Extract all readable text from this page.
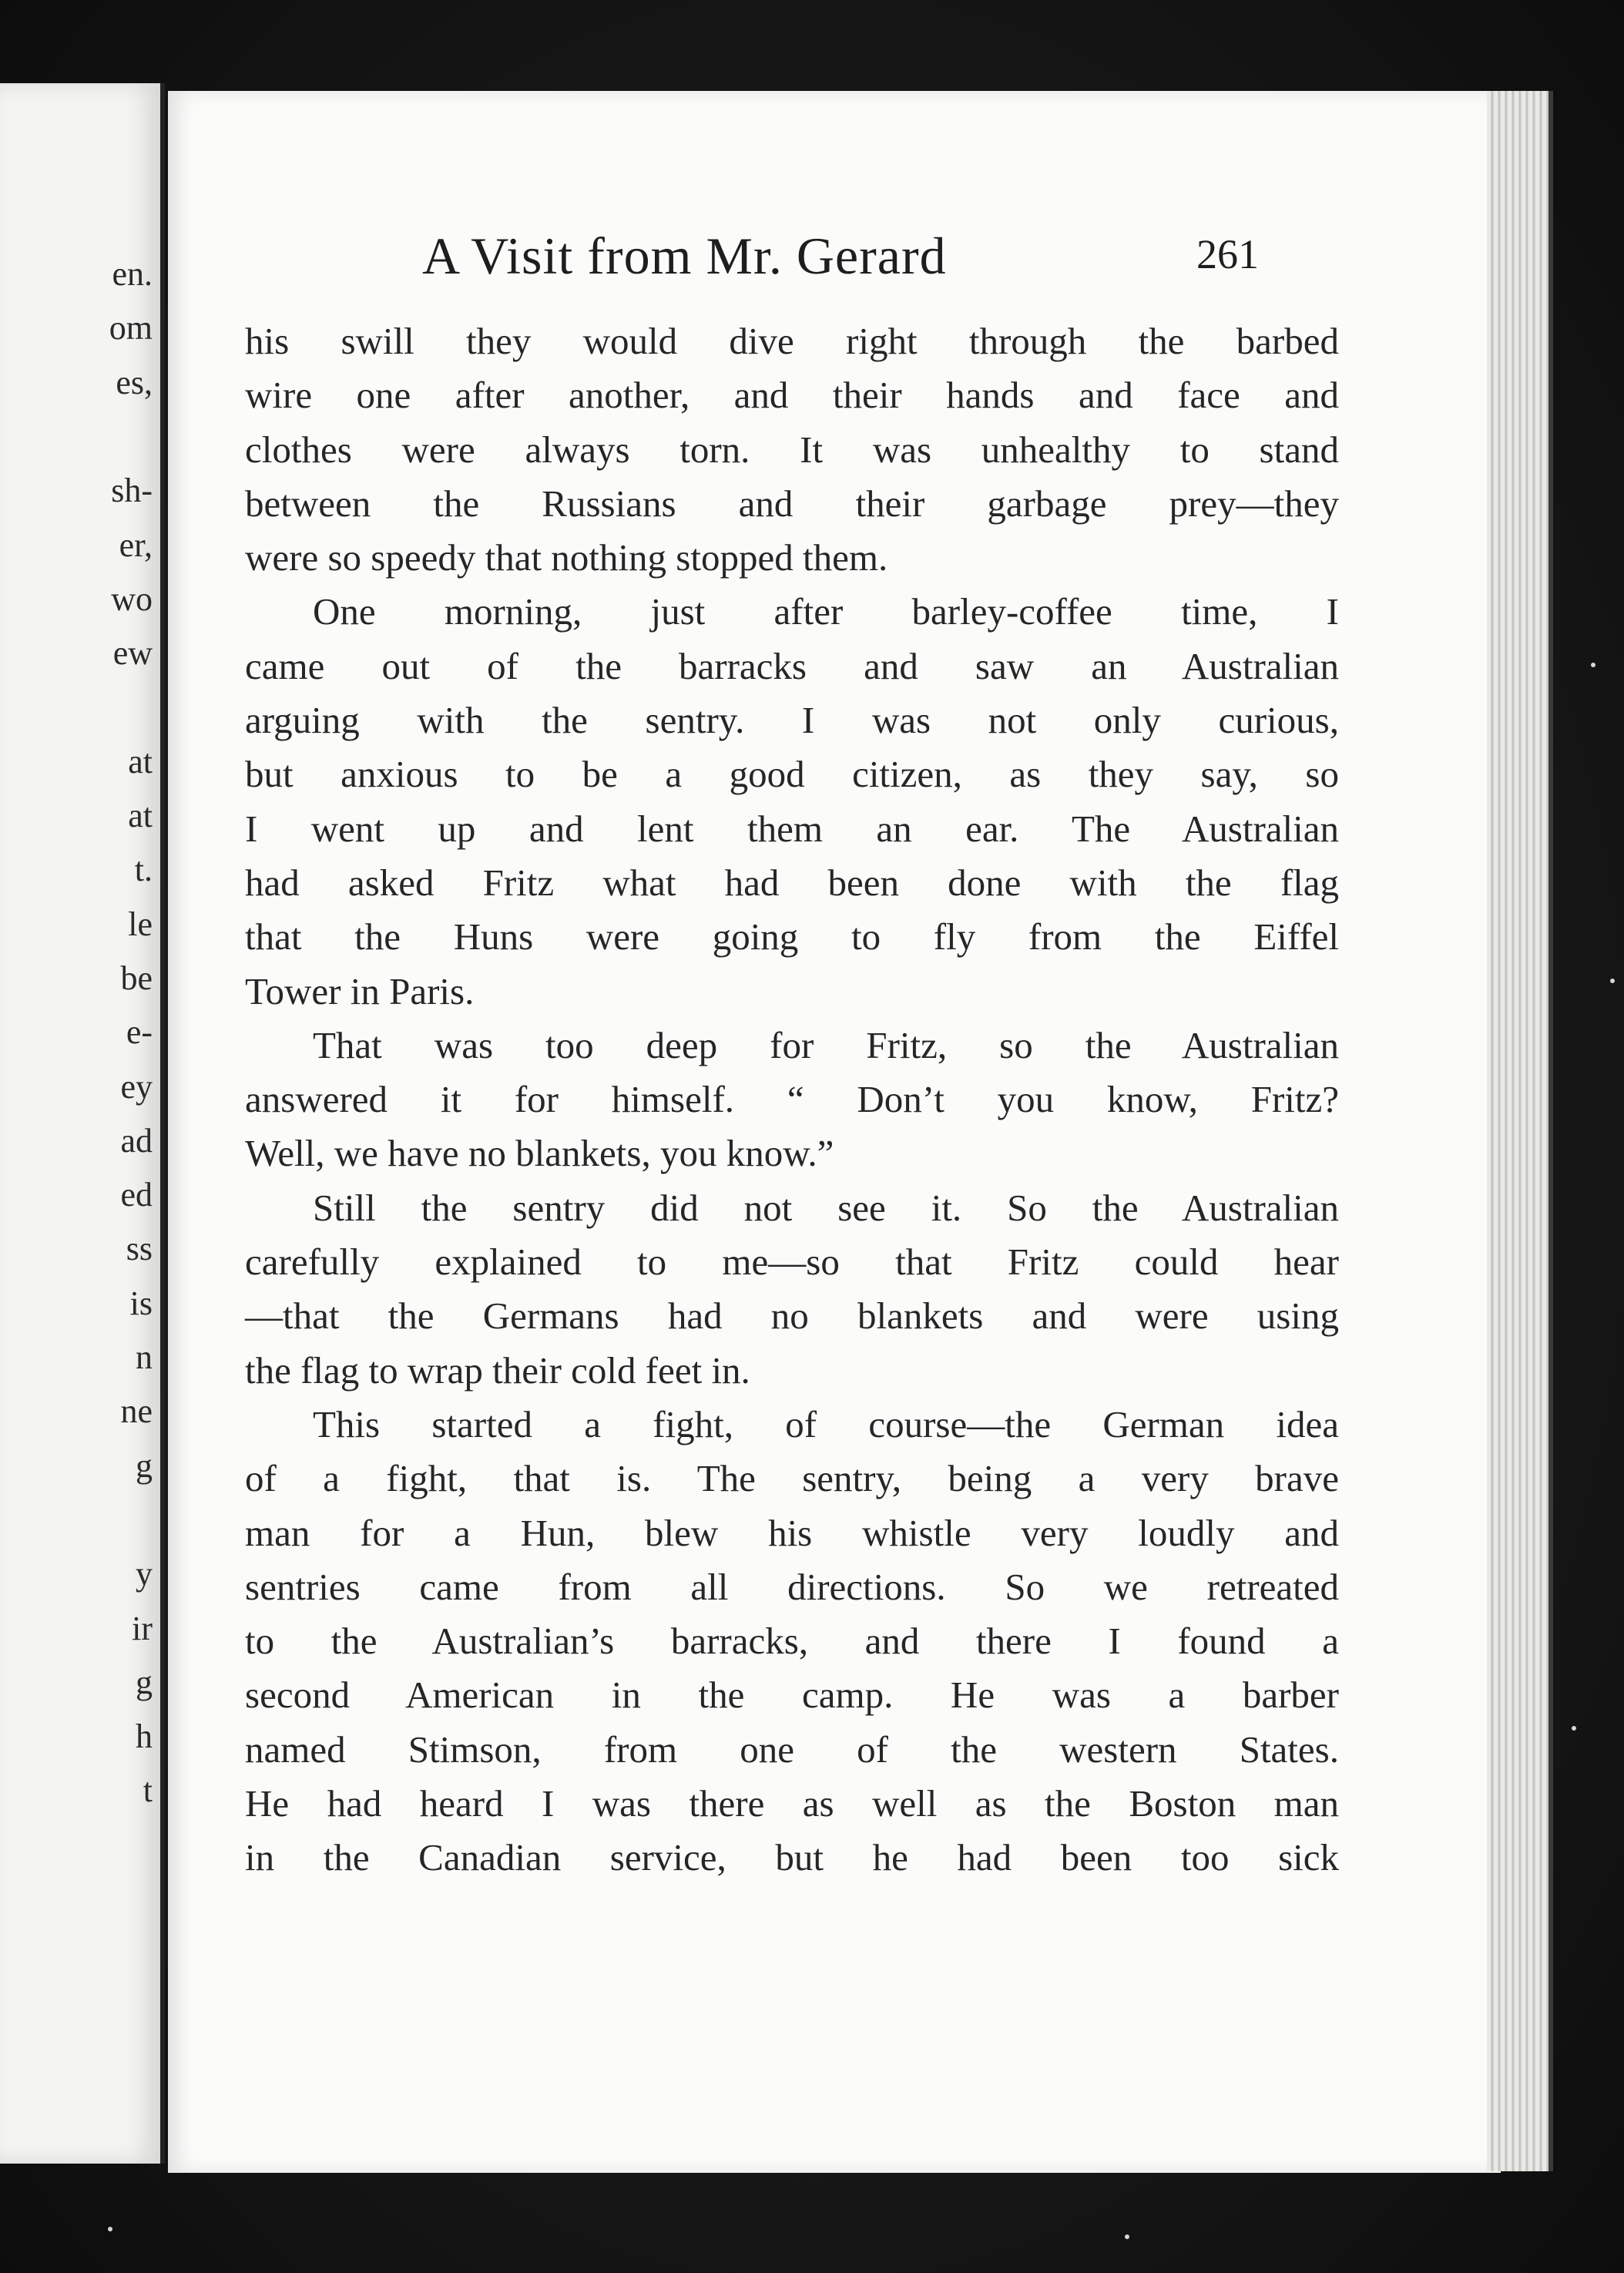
en.
om
es,
sh-
er,
wo
ew
at
at
t.
le
be
e-
ey
ad
ed
ss
is
n
ne
g
y
ir
g
h
t
A Visit from Mr. Gerard	261
his swill they would dive right through the barbed
wire one after another, and their hands and face and
clothes were always torn. It was unhealthy to stand
between the Russians and their garbage prey—they
were so speedy that nothing stopped them.
One morning, just after barley-coffee time, I
came out of the barracks and saw an Australian
arguing with the sentry. I was not only curious,
but anxious to be a good citizen, as they say, so
I went up and lent them an ear. The Australian
had asked Fritz what had been done with the flag
that the Huns were going to fly from the Eiffel
Tower in Paris.
That was too deep for Fritz, so the Australian
answered it for himself. “ Don’t you know, Fritz?
Well, we have no blankets, you know.”
Still the sentry did not see it. So the Australian
carefully explained to me—so that Fritz could hear
—that the Germans had no blankets and were using
the flag to wrap their cold feet in.
This started a fight, of course—the German idea
of a fight, that is. The sentry, being a very brave
man for a Hun, blew his whistle very loudly and
sentries came from all directions. So we retreated
to the Australian’s barracks, and there I found a
second American in the camp. He was a barber
named Stimson, from one of the western States.
He had heard I was there as well as the Boston man
in the Canadian service, but he had been too sick
